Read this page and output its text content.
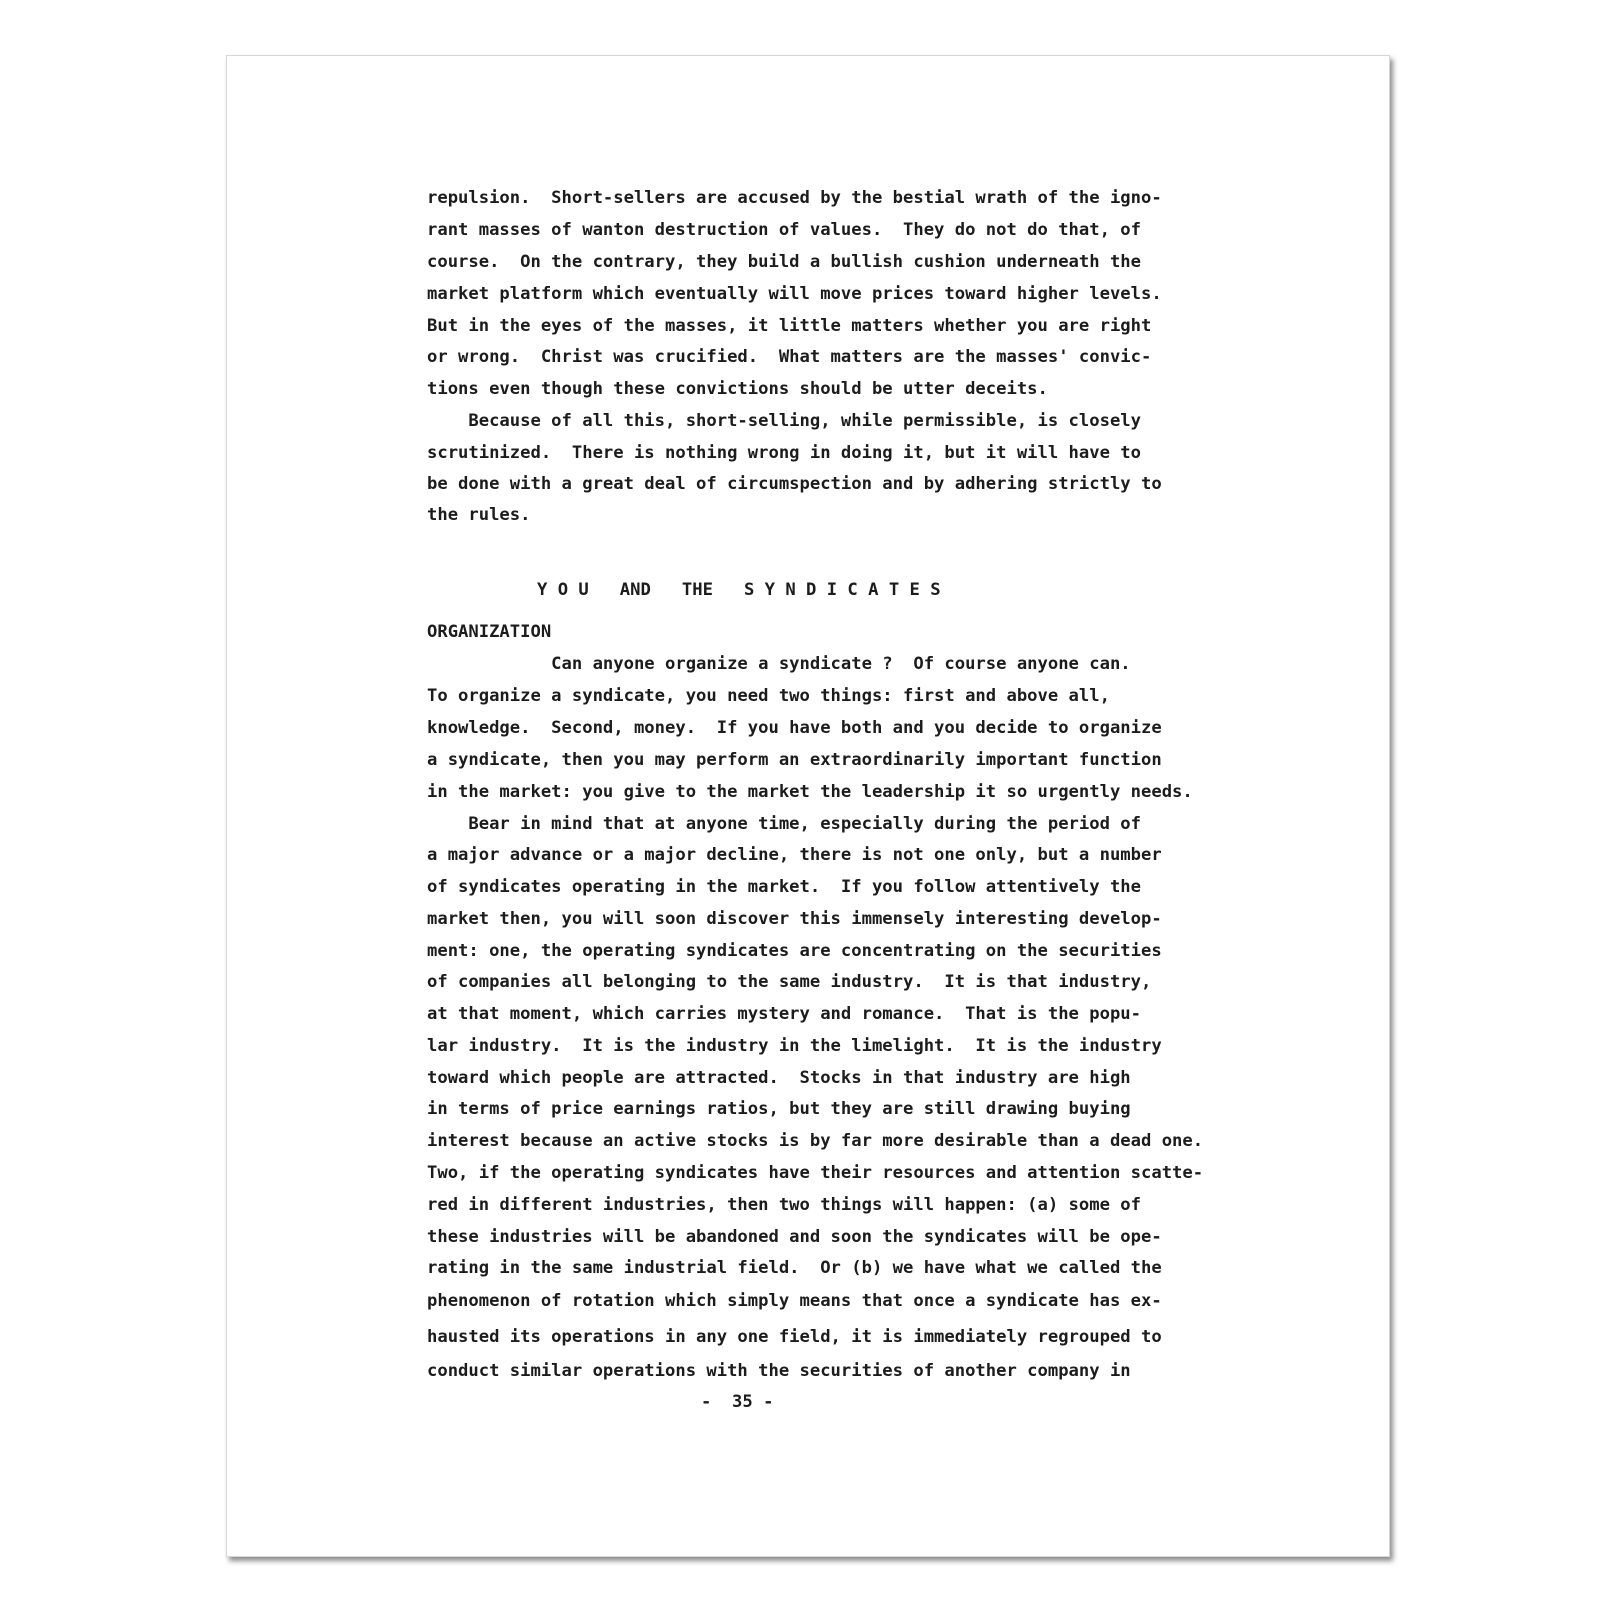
repulsion.  Short-sellers are accused by the bestial wrath of the igno-
rant masses of wanton destruction of values.  They do not do that, of
course.  On the contrary, they build a bullish cushion underneath the
market platform which eventually will move prices toward higher levels.
But in the eyes of the masses, it little matters whether you are right
or wrong.  Christ was crucified.  What matters are the masses' convic-
tions even though these convictions should be utter deceits.
Because of all this, short-selling, while permissible, is closely
scrutinized.  There is nothing wrong in doing it, but it will have to
be done with a great deal of circumspection and by adhering strictly to
the rules.
Y O U   AND   THE   S Y N D I C A T E S
ORGANIZATION
Can anyone organize a syndicate ?  Of course anyone can.
To organize a syndicate, you need two things: first and above all,
knowledge.  Second, money.  If you have both and you decide to organize
a syndicate, then you may perform an extraordinarily important function
in the market: you give to the market the leadership it so urgently needs.
Bear in mind that at anyone time, especially during the period of
a major advance or a major decline, there is not one only, but a number
of syndicates operating in the market.  If you follow attentively the
market then, you will soon discover this immensely interesting develop-
ment: one, the operating syndicates are concentrating on the securities
of companies all belonging to the same industry.  It is that industry,
at that moment, which carries mystery and romance.  That is the popu-
lar industry.  It is the industry in the limelight.  It is the industry
toward which people are attracted.  Stocks in that industry are high
in terms of price earnings ratios, but they are still drawing buying
interest because an active stocks is by far more desirable than a dead one.
Two, if the operating syndicates have their resources and attention scatte-
red in different industries, then two things will happen: (a) some of
these industries will be abandoned and soon the syndicates will be ope-
rating in the same industrial field.  Or (b) we have what we called the
phenomenon of rotation which simply means that once a syndicate has ex-
hausted its operations in any one field, it is immediately regrouped to
conduct similar operations with the securities of another company in
-  35 -
